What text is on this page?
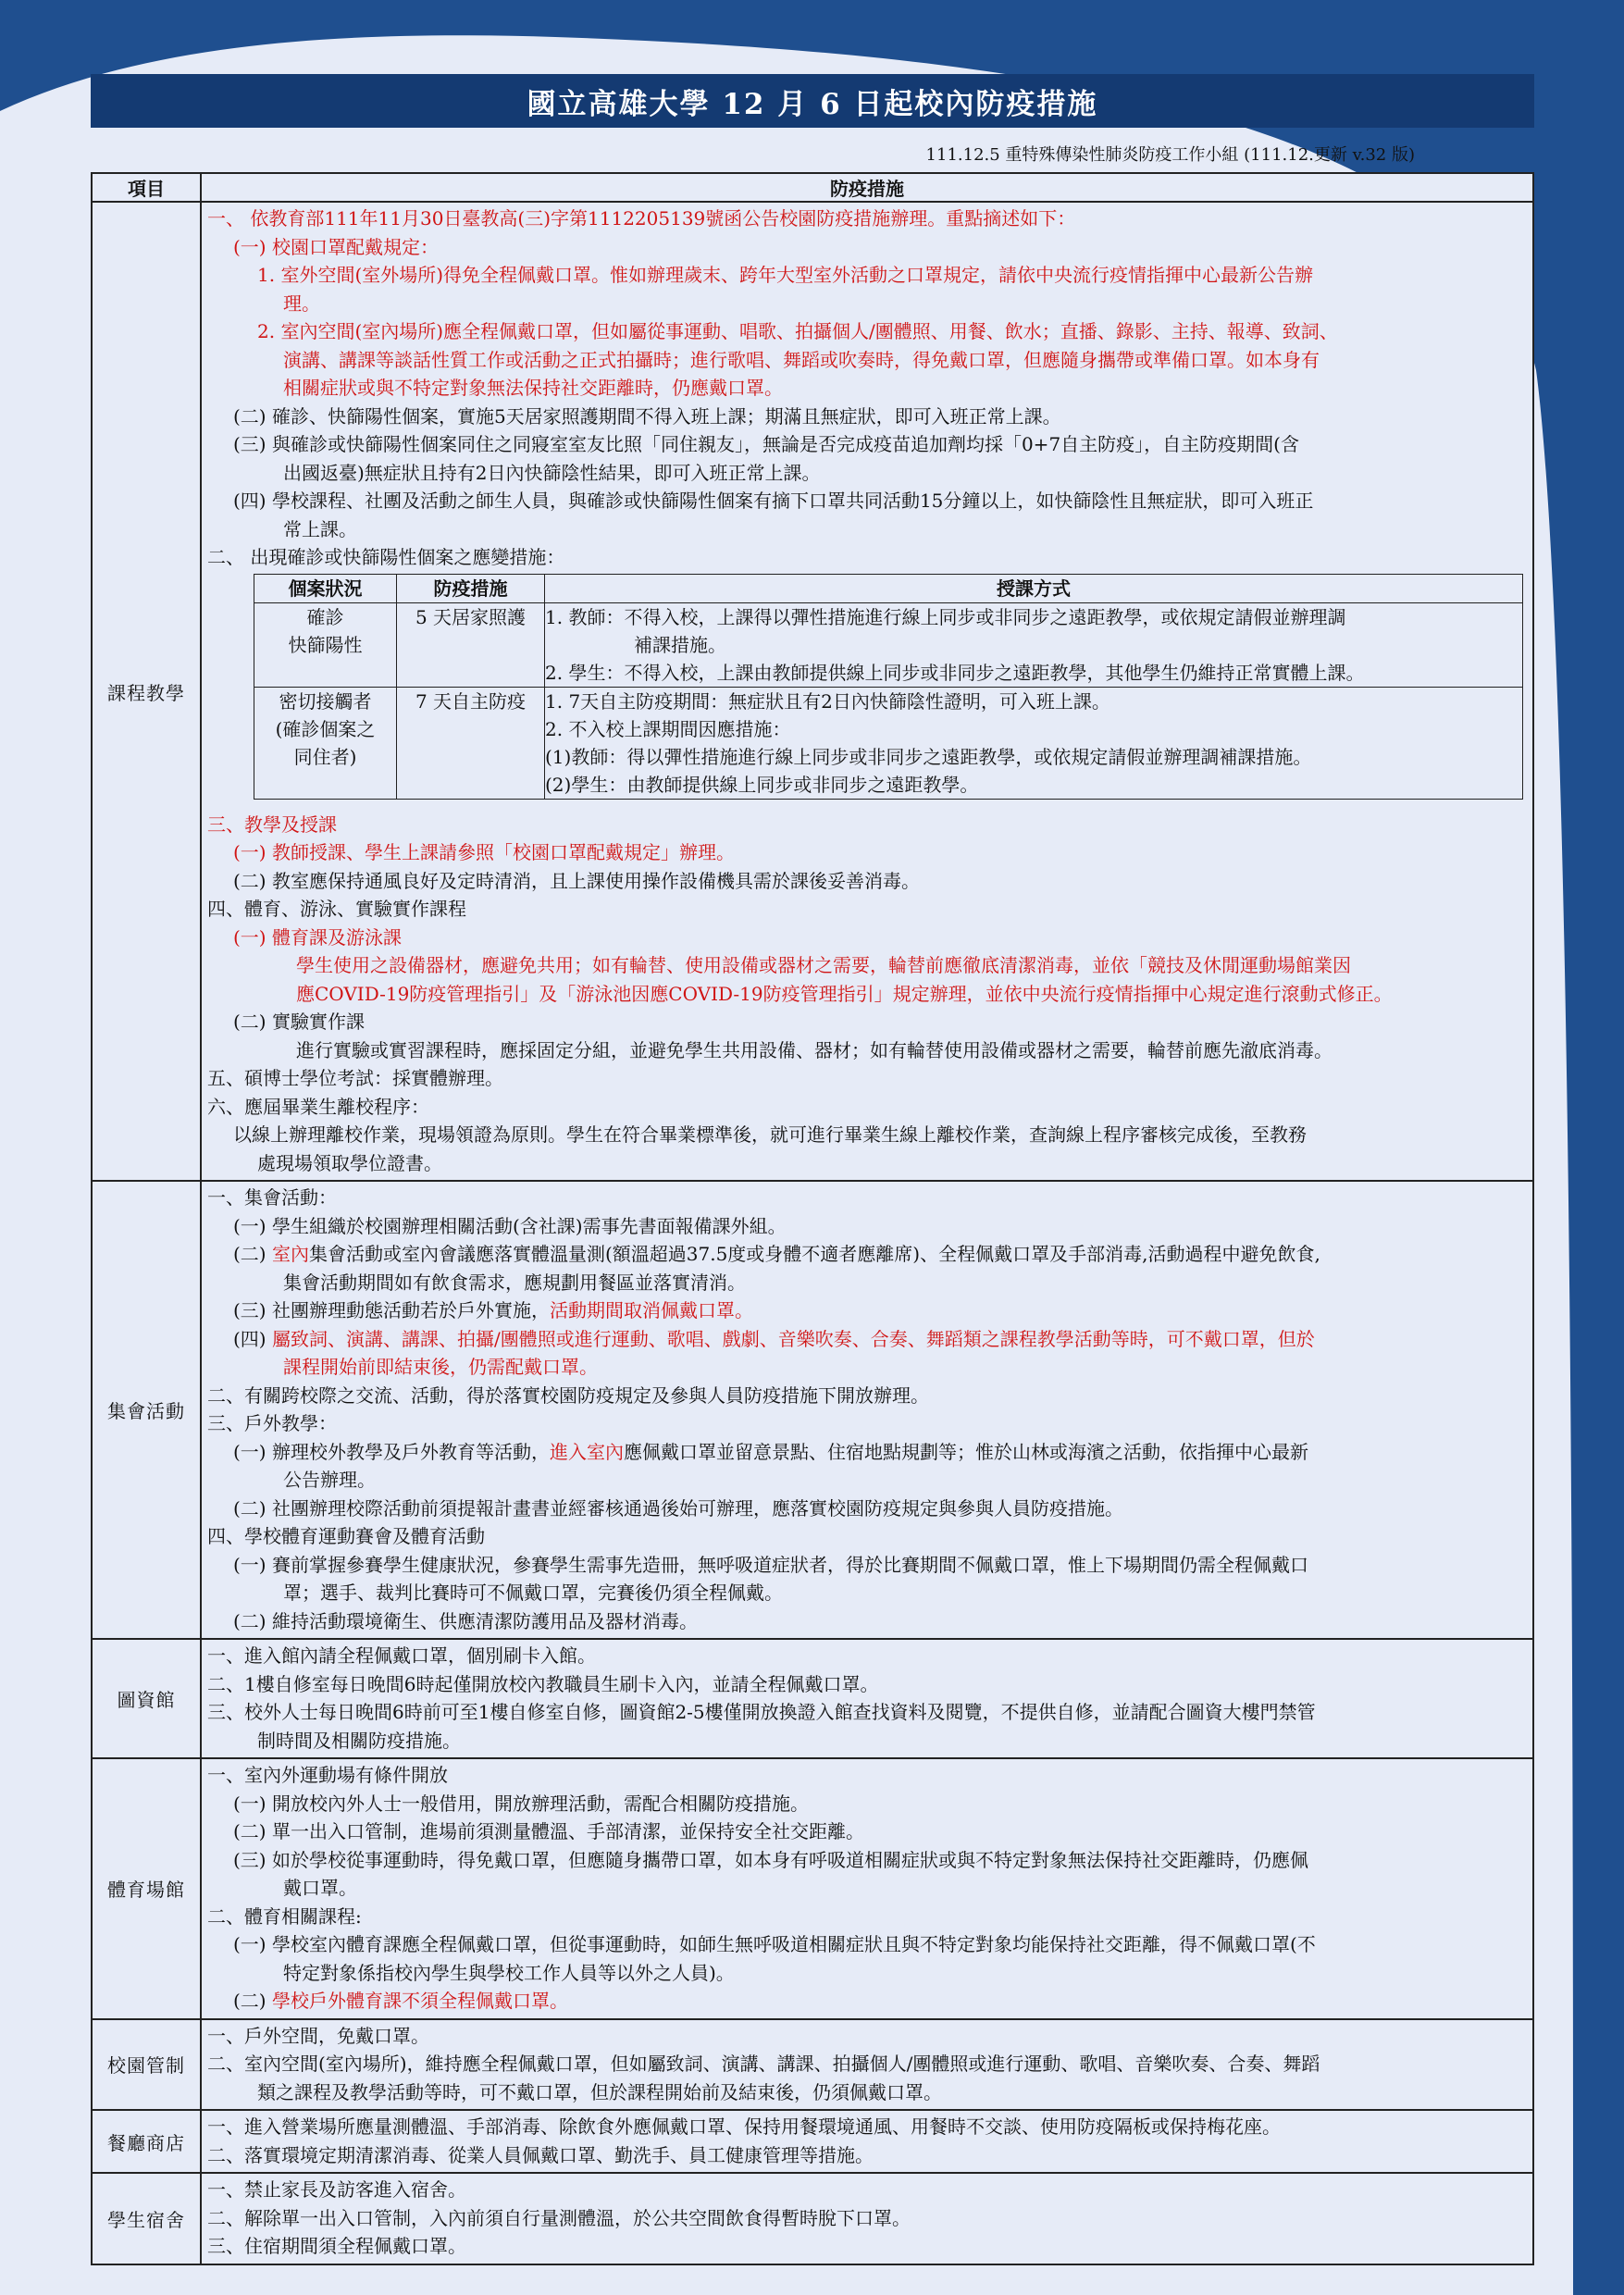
國立高雄大學 12 月 6 日起校內防疫措施
111.12.5 重特殊傳染性肺炎防疫工作小組 (111.12.更新 v.32 版)
項目	防疫措施
課程教學	
一、 依教育部111年11月30日臺教高(三)字第1112205139號函公告校園防疫措施辦理。重點摘述如下：
(一) 校園口罩配戴規定：
1. 室外空間(室外場所)得免全程佩戴口罩。惟如辦理歲末、跨年大型室外活動之口罩規定，請依中央流行疫情指揮中心最新公告辦
理。
2. 室內空間(室內場所)應全程佩戴口罩，但如屬從事運動、唱歌、拍攝個人/團體照、用餐、飲水；直播、錄影、主持、報導、致詞、
演講、講課等談話性質工作或活動之正式拍攝時；進行歌唱、舞蹈或吹奏時，得免戴口罩，但應隨身攜帶或準備口罩。如本身有
相關症狀或與不特定對象無法保持社交距離時，仍應戴口罩。
(二) 確診、快篩陽性個案，實施5天居家照護期間不得入班上課；期滿且無症狀，即可入班正常上課。
(三) 與確診或快篩陽性個案同住之同寢室室友比照「同住親友」，無論是否完成疫苗追加劑均採「0+7自主防疫」，自主防疫期間(含
出國返臺)無症狀且持有2日內快篩陰性結果，即可入班正常上課。
(四) 學校課程、社團及活動之師生人員，與確診或快篩陽性個案有摘下口罩共同活動15分鐘以上，如快篩陰性且無症狀，即可入班正
常上課。
二、 出現確診或快篩陽性個案之應變措施：
個案狀況	防疫措施	授課方式

確診
快篩陽性
	5 天居家照護	1. 教師：不得入校，上課得以彈性措施進行線上同步或非同步之遠距教學，或依規定請假並辦理調
補課措施。
2. 學生：不得入校，上課由教師提供線上同步或非同步之遠距教學，其他學生仍維持正常實體上課。

密切接觸者
(確診個案之
同住者)
	7 天自主防疫	1. 7天自主防疫期間：無症狀且有2日內快篩陰性證明，可入班上課。
2. 不入校上課期間因應措施：
(1)教師：得以彈性措施進行線上同步或非同步之遠距教學，或依規定請假並辦理調補課措施。
(2)學生：由教師提供線上同步或非同步之遠距教學。
三、教學及授課
(一) 教師授課、學生上課請參照「校園口罩配戴規定」辦理。
(二) 教室應保持通風良好及定時清消，且上課使用操作設備機具需於課後妥善消毒。
四、體育、游泳、實驗實作課程
(一) 體育課及游泳課
學生使用之設備器材，應避免共用；如有輪替、使用設備或器材之需要，輪替前應徹底清潔消毒，並依「競技及休閒運動場館業因
應COVID-19防疫管理指引」及「游泳池因應COVID-19防疫管理指引」規定辦理，並依中央流行疫情指揮中心規定進行滾動式修正。
(二) 實驗實作課
進行實驗或實習課程時，應採固定分組，並避免學生共用設備、器材；如有輪替使用設備或器材之需要，輪替前應先澈底消毒。
五、碩博士學位考試：採實體辦理。
六、應屆畢業生離校程序：
以線上辦理離校作業，現場領證為原則。學生在符合畢業標準後，就可進行畢業生線上離校作業，查詢線上程序審核完成後，至教務
處現場領取學位證書。

集會活動	
一、集會活動：
(一) 學生組織於校園辦理相關活動(含社課)需事先書面報備課外組。
(二) 室內集會活動或室內會議應落實體溫量測(額溫超過37.5度或身體不適者應離席)、全程佩戴口罩及手部消毒,活動過程中避免飲食,
集會活動期間如有飲食需求，應規劃用餐區並落實清消。
(三) 社團辦理動態活動若於戶外實施，活動期間取消佩戴口罩。
(四) 屬致詞、演講、講課、拍攝/團體照或進行運動、歌唱、戲劇、音樂吹奏、合奏、舞蹈類之課程教學活動等時，可不戴口罩，但於
課程開始前即結束後，仍需配戴口罩。
二、有關跨校際之交流、活動，得於落實校園防疫規定及參與人員防疫措施下開放辦理。
三、戶外教學：
(一) 辦理校外教學及戶外教育等活動，進入室內應佩戴口罩並留意景點、住宿地點規劃等；惟於山林或海濱之活動，依指揮中心最新
公告辦理。
(二) 社團辦理校際活動前須提報計畫書並經審核通過後始可辦理，應落實校園防疫規定與參與人員防疫措施。
四、學校體育運動賽會及體育活動
(一) 賽前掌握參賽學生健康狀況，參賽學生需事先造冊，無呼吸道症狀者，得於比賽期間不佩戴口罩，惟上下場期間仍需全程佩戴口
罩；選手、裁判比賽時可不佩戴口罩，完賽後仍須全程佩戴。
(二) 維持活動環境衛生、供應清潔防護用品及器材消毒。

圖資館	
一、進入館內請全程佩戴口罩，個別刷卡入館。
二、1樓自修室每日晚間6時起僅開放校內教職員生刷卡入內，並請全程佩戴口罩。
三、校外人士每日晚間6時前可至1樓自修室自修，圖資館2-5樓僅開放換證入館查找資料及閱覽，不提供自修，並請配合圖資大樓門禁管
制時間及相關防疫措施。

體育場館	
一、室內外運動場有條件開放
(一) 開放校內外人士一般借用，開放辦理活動，需配合相關防疫措施。
(二) 單一出入口管制，進場前須測量體溫、手部清潔，並保持安全社交距離。
(三) 如於學校從事運動時，得免戴口罩，但應隨身攜帶口罩，如本身有呼吸道相關症狀或與不特定對象無法保持社交距離時，仍應佩
戴口罩。
二、體育相關課程:
(一) 學校室內體育課應全程佩戴口罩，但從事運動時，如師生無呼吸道相關症狀且與不特定對象均能保持社交距離，得不佩戴口罩(不
特定對象係指校內學生與學校工作人員等以外之人員)。
(二) 學校戶外體育課不須全程佩戴口罩。

校園管制	
一、戶外空間，免戴口罩。
二、室內空間(室內場所)，維持應全程佩戴口罩，但如屬致詞、演講、講課、拍攝個人/團體照或進行運動、歌唱、音樂吹奏、合奏、舞蹈
類之課程及教學活動等時，可不戴口罩，但於課程開始前及結束後，仍須佩戴口罩。

餐廳商店	
一、進入營業場所應量測體溫、手部消毒、除飲食外應佩戴口罩、保持用餐環境通風、用餐時不交談、使用防疫隔板或保持梅花座。
二、落實環境定期清潔消毒、從業人員佩戴口罩、勤洗手、員工健康管理等措施。

學生宿舍	
一、禁止家長及訪客進入宿舍。
二、解除單一出入口管制，入內前須自行量測體溫，於公共空間飲食得暫時脫下口罩。
三、住宿期間須全程佩戴口罩。
